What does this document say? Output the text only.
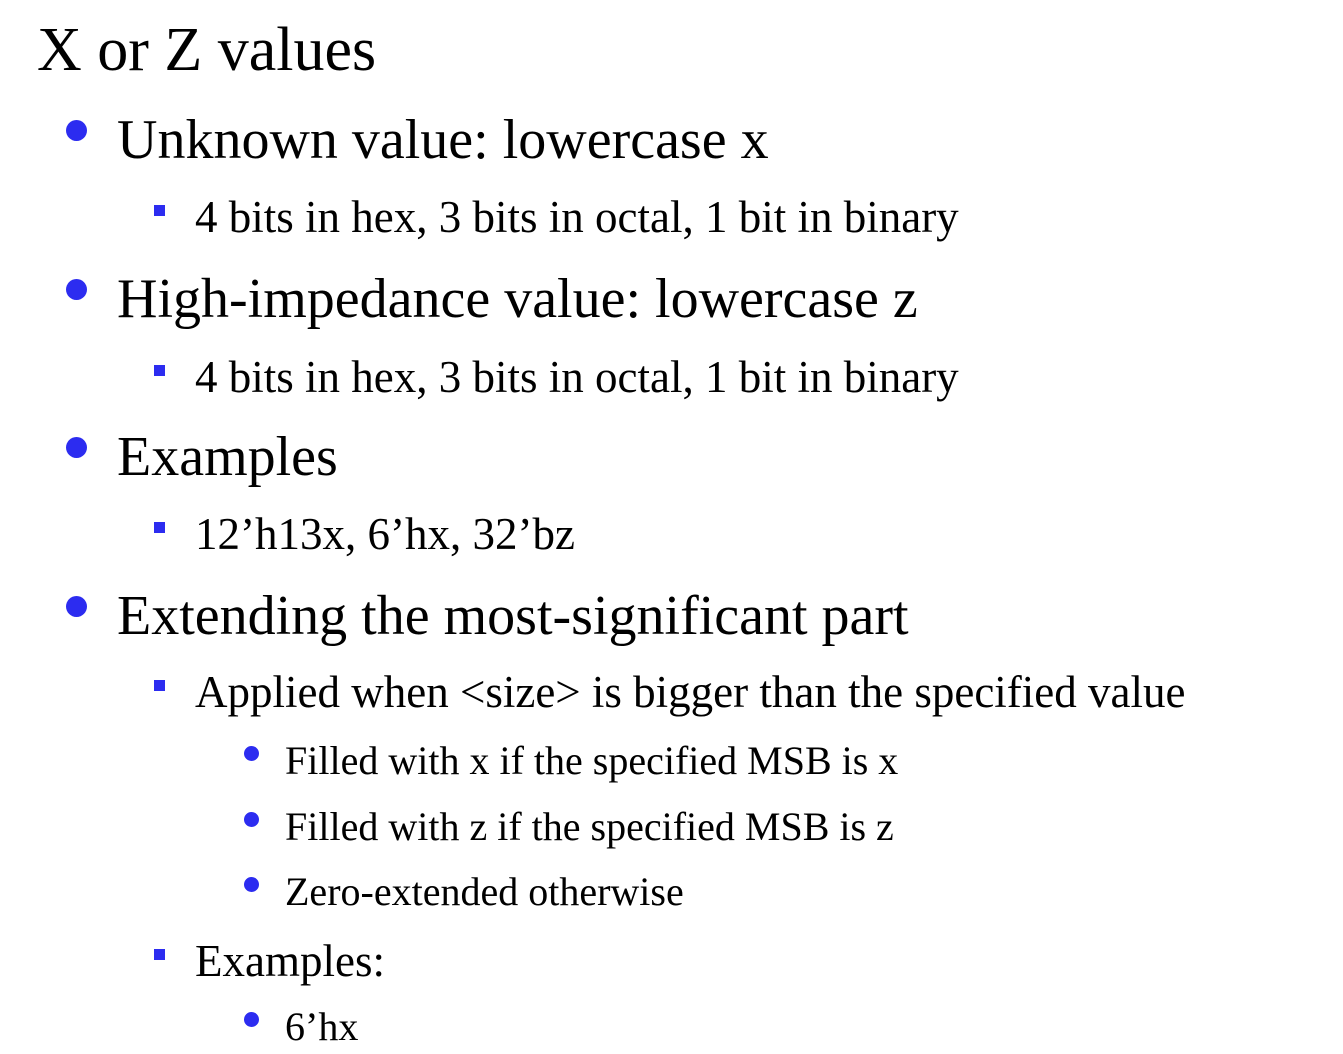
X or Z values
Unknown value: lowercase x
4 bits in hex, 3 bits in octal, 1 bit in binary
High-impedance value: lowercase z
4 bits in hex, 3 bits in octal, 1 bit in binary
Examples
12’h13x, 6’hx, 32’bz
Extending the most-significant part
Applied when <size> is bigger than the specified value
Filled with x if the specified MSB is x
Filled with z if the specified MSB is z
Zero-extended otherwise
Examples:
6’hx
